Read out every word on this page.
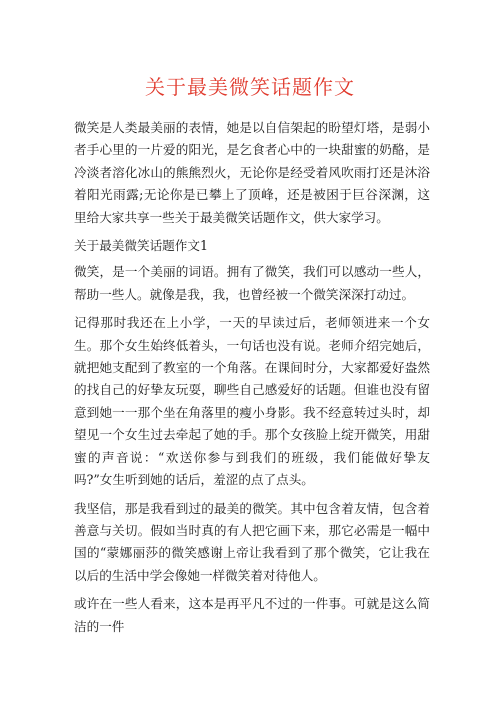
关于最美微笑话题作文

微笑是人类最美丽的表情，她是以自信架起的盼望灯塔，是弱小者手心里的一片爱的阳光，是乞食者心中的一块甜蜜的奶酪，是冷淡者溶化冰山的熊熊烈火，无论你是经受着风吹雨打还是沐浴着阳光雨露;无论你是已攀上了顶峰，还是被困于巨谷深渊，这里给大家共享一些关于最美微笑话题作文，供大家学习。

关于最美微笑话题作文1

微笑，是一个美丽的词语。拥有了微笑，我们可以感动一些人，帮助一些人。就像是我，我，也曾经被一个微笑深深打动过。

记得那时我还在上小学，一天的早读过后，老师领进来一个女生。那个女生始终低着头，一句话也没有说。老师介绍完她后，就把她支配到了教室的一个角落。在课间时分，大家都爱好盎然的找自己的好挚友玩耍，聊些自己感爱好的话题。但谁也没有留意到她一一那个坐在角落里的瘦小身影。我不经意转过头时，却望见一个女生过去牵起了她的手。那个女孩脸上绽开微笑，用甜蜜的声音说：“欢送你参与到我们的班级，我们能做好挚友吗?”女生听到她的话后，羞涩的点了点头。

我坚信，那是我看到过的最美的微笑。其中包含着友情，包含着善意与关切。假如当时真的有人把它画下来，那它必需是一幅中国的“蒙娜丽莎的微笑感谢上帝让我看到了那个微笑，它让我在以后的生活中学会像她一样微笑着对待他人。

或许在一些人看来，这本是再平凡不过的一件事。可就是这么简洁的一件
